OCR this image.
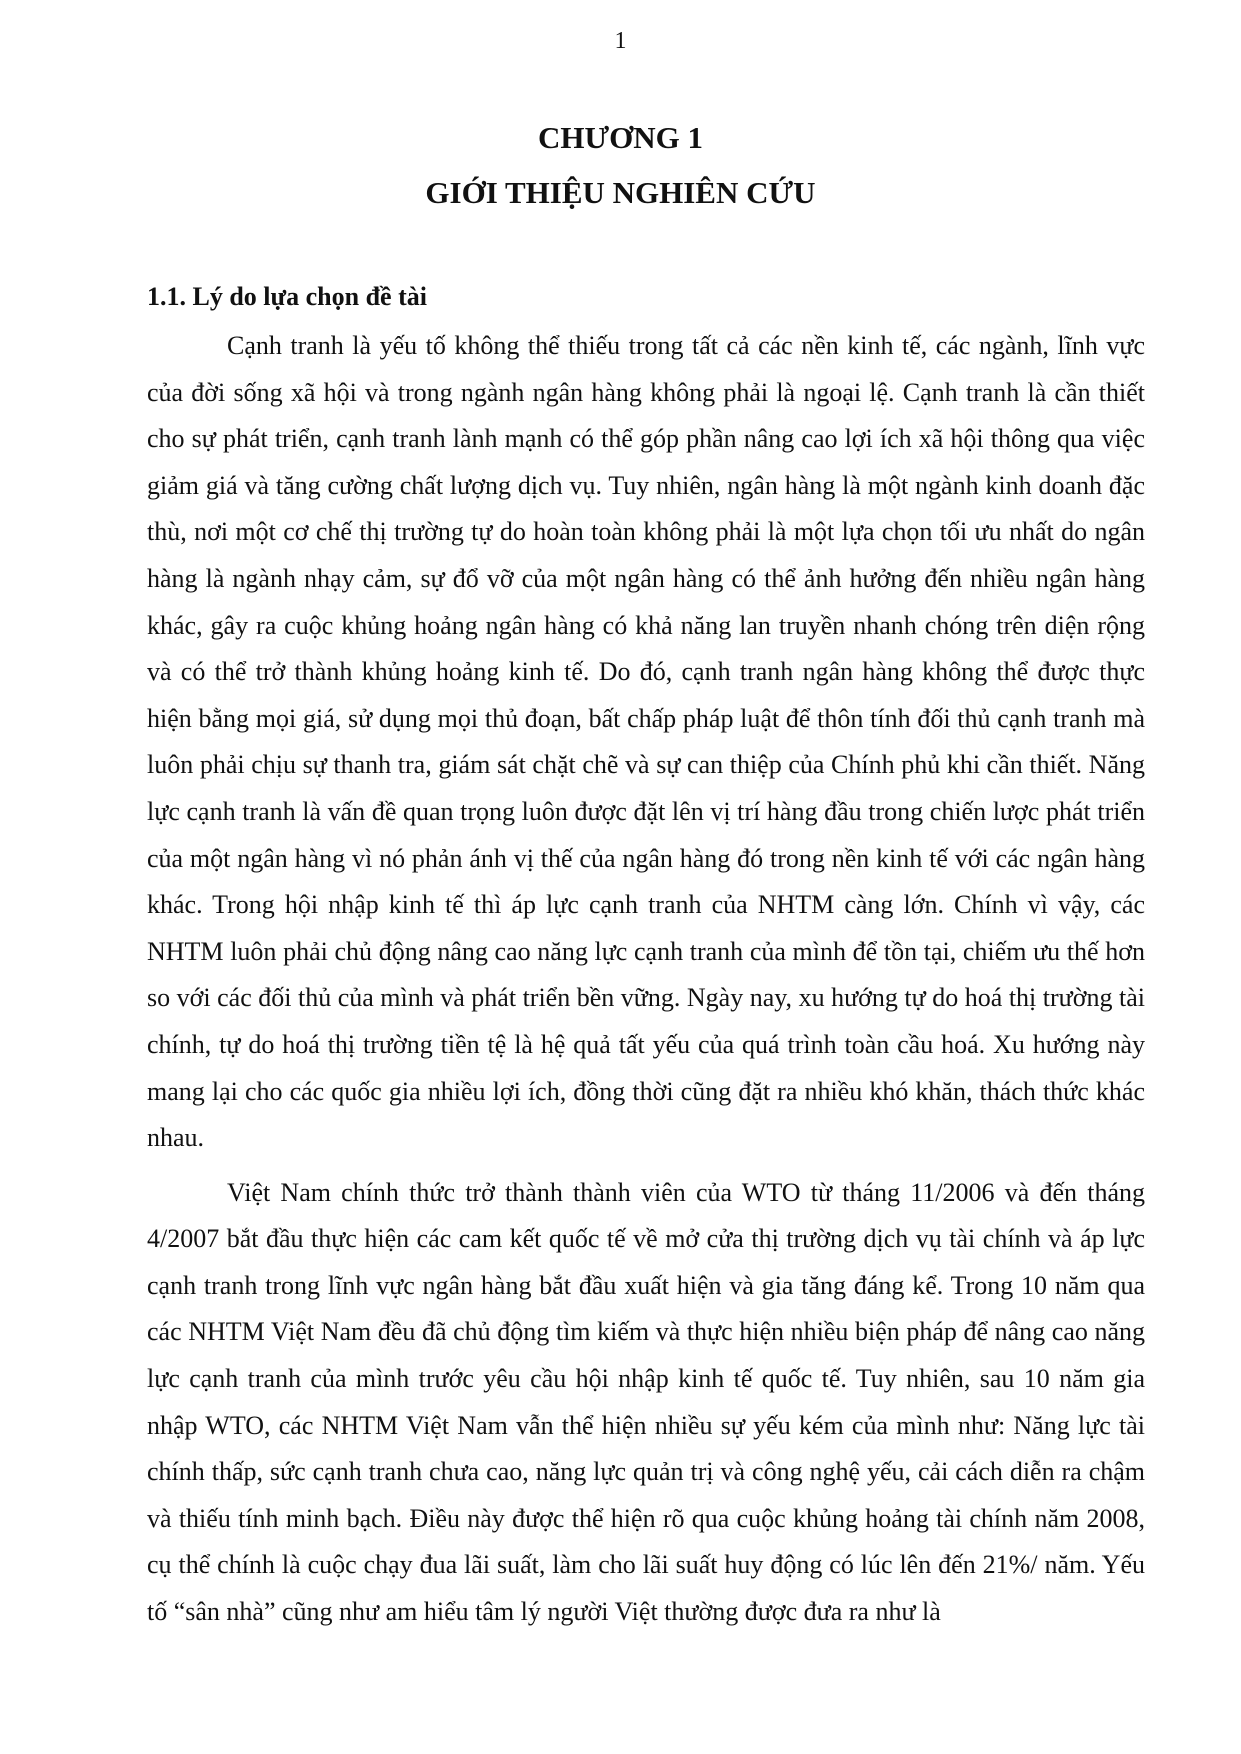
1
CHƯƠNG 1
GIỚI THIỆU NGHIÊN CỨU
1.1. Lý do lựa chọn đề tài

Cạnh tranh là yếu tố không thể thiếu trong tất cả các nền kinh tế, các ngành, lĩnh vực của đời sống xã hội và trong ngành ngân hàng không phải là ngoại lệ. Cạnh tranh là cần thiết cho sự phát triển, cạnh tranh lành mạnh có thể góp phần nâng cao lợi ích xã hội thông qua việc giảm giá và tăng cường chất lượng dịch vụ. Tuy nhiên, ngân hàng là một ngành kinh doanh đặc thù, nơi một cơ chế thị trường tự do hoàn toàn không phải là một lựa chọn tối ưu nhất do ngân hàng là ngành nhạy cảm, sự đổ vỡ của một ngân hàng có thể ảnh hưởng đến nhiều ngân hàng khác, gây ra cuộc khủng hoảng ngân hàng có khả năng lan truyền nhanh chóng trên diện rộng và có thể trở thành khủng hoảng kinh tế. Do đó, cạnh tranh ngân hàng không thể được thực hiện bằng mọi giá, sử dụng mọi thủ đoạn, bất chấp pháp luật để thôn tính đối thủ cạnh tranh mà luôn phải chịu sự thanh tra, giám sát chặt chẽ và sự can thiệp của Chính phủ khi cần thiết. Năng lực cạnh tranh là vấn đề quan trọng luôn được đặt lên vị trí hàng đầu trong chiến lược phát triển của một ngân hàng vì nó phản ánh vị thế của ngân hàng đó trong nền kinh tế với các ngân hàng khác. Trong hội nhập kinh tế thì áp lực cạnh tranh của NHTM càng lớn. Chính vì vậy, các NHTM luôn phải chủ động nâng cao năng lực cạnh tranh của mình để tồn tại, chiếm ưu thế hơn so với các đối thủ của mình và phát triển bền vững. Ngày nay, xu hướng tự do hoá thị trường tài chính, tự do hoá thị trường tiền tệ là hệ quả tất yếu của quá trình toàn cầu hoá. Xu hướng này mang lại cho các quốc gia nhiều lợi ích, đồng thời cũng đặt ra nhiều khó khăn, thách thức khác nhau.

Việt Nam chính thức trở thành thành viên của WTO từ tháng 11/2006 và đến tháng 4/2007 bắt đầu thực hiện các cam kết quốc tế về mở cửa thị trường dịch vụ tài chính và áp lực cạnh tranh trong lĩnh vực ngân hàng bắt đầu xuất hiện và gia tăng đáng kể. Trong 10 năm qua các NHTM Việt Nam đều đã chủ động tìm kiếm và thực hiện nhiều biện pháp để nâng cao năng lực cạnh tranh của mình trước yêu cầu hội nhập kinh tế quốc tế. Tuy nhiên, sau 10 năm gia nhập WTO, các NHTM Việt Nam vẫn thể hiện nhiều sự yếu kém của mình như: Năng lực tài chính thấp, sức cạnh tranh chưa cao, năng lực quản trị và công nghệ yếu, cải cách diễn ra chậm và thiếu tính minh bạch. Điều này được thể hiện rõ qua cuộc khủng hoảng tài chính năm 2008, cụ thể chính là cuộc chạy đua lãi suất, làm cho lãi suất huy động có lúc lên đến 21%/ năm. Yếu tố “sân nhà” cũng như am hiểu tâm lý người Việt thường được đưa ra như là
